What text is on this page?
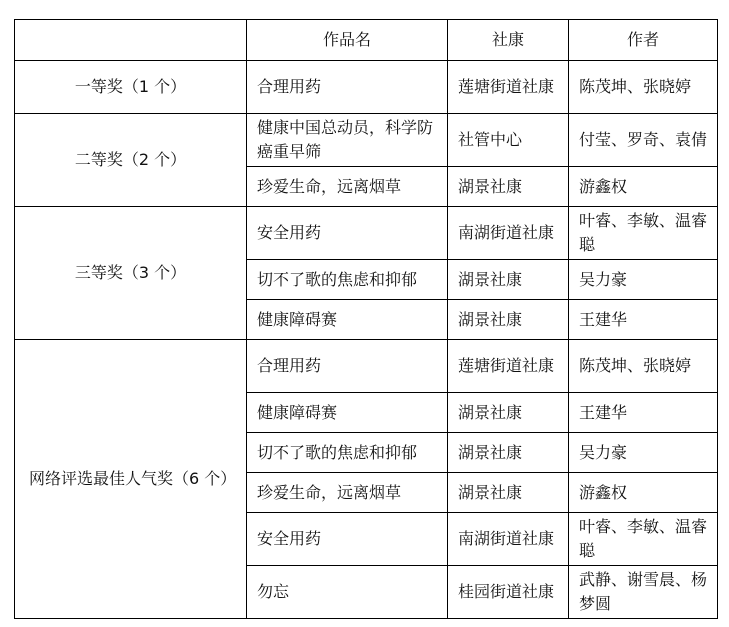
	作品名	社康	作者
一等奖（1 个）	合理用药	莲塘街道社康	陈茂坤、张晓婷
二等奖（2 个）	健康中国总动员，科学防癌重早筛	社管中心	付莹、罗奇、袁倩
	珍爱生命，远离烟草	湖景社康	游鑫权
三等奖（3 个）	安全用药	南湖街道社康	叶睿、李敏、温睿聪
	切不了歌的焦虑和抑郁	湖景社康	吴力豪
	健康障碍赛	湖景社康	王建华
网络评选最佳人气奖（6 个）	合理用药	莲塘街道社康	陈茂坤、张晓婷
	健康障碍赛	湖景社康	王建华
	切不了歌的焦虑和抑郁	湖景社康	吴力豪
	珍爱生命，远离烟草	湖景社康	游鑫权
	安全用药	南湖街道社康	叶睿、李敏、温睿聪
	勿忘	桂园街道社康	武静、谢雪晨、杨梦圆
